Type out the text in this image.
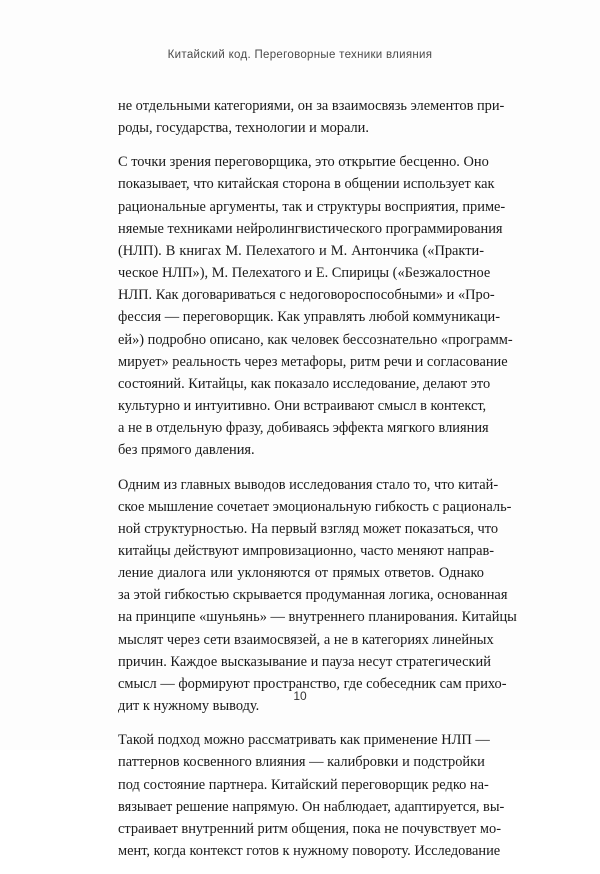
Китайский код. Переговорные техники влияния
не отдельными категориями, он за взаимосвязь элементов при-
роды, государства, технологии и морали.
С точки зрения переговорщика, это открытие бесценно. Оно
показывает, что китайская сторона в общении использует как
рациональные аргументы, так и структуры восприятия, приме-
няемые техниками нейролингвистического программирования
(НЛП). В книгах М. Пелехатого и М. Антончика («Практи-
ческое НЛП»), М. Пелехатого и Е. Спирицы («Безжалостное
НЛП. Как договариваться с недоговороспособными» и «Про-
фессия — переговорщик. Как управлять любой коммуникаци-
ей») подробно описано, как человек бессознательно «программ-
мирует» реальность через метафоры, ритм речи и согласование
состояний. Китайцы, как показало исследование, делают это
культурно и интуитивно. Они встраивают смысл в контекст,
а не в отдельную фразу, добиваясь эффекта мягкого влияния
без прямого давления.
Одним из главных выводов исследования стало то, что китай-
ское мышление сочетает эмоциональную гибкость с рациональ-
ной структурностью. На первый взгляд может показаться, что
китайцы действуют импровизационно, часто меняют направ-
ление диалога или уклоняются от прямых ответов. Однако
за этой гибкостью скрывается продуманная логика, основанная
на принципе «шуньянь» — внутреннего планирования. Китайцы
мыслят через сети взаимосвязей, а не в категориях линейных
причин. Каждое высказывание и пауза несут стратегический
смысл — формируют пространство, где собеседник сам прихо-
дит к нужному выводу.
Такой подход можно рассматривать как применение НЛП —
паттернов косвенного влияния — калибровки и подстройки
под состояние партнера. Китайский переговорщик редко на-
вязывает решение напрямую. Он наблюдает, адаптируется, вы-
страивает внутренний ритм общения, пока не почувствует мо-
мент, когда контекст готов к нужному повороту. Исследование
10
